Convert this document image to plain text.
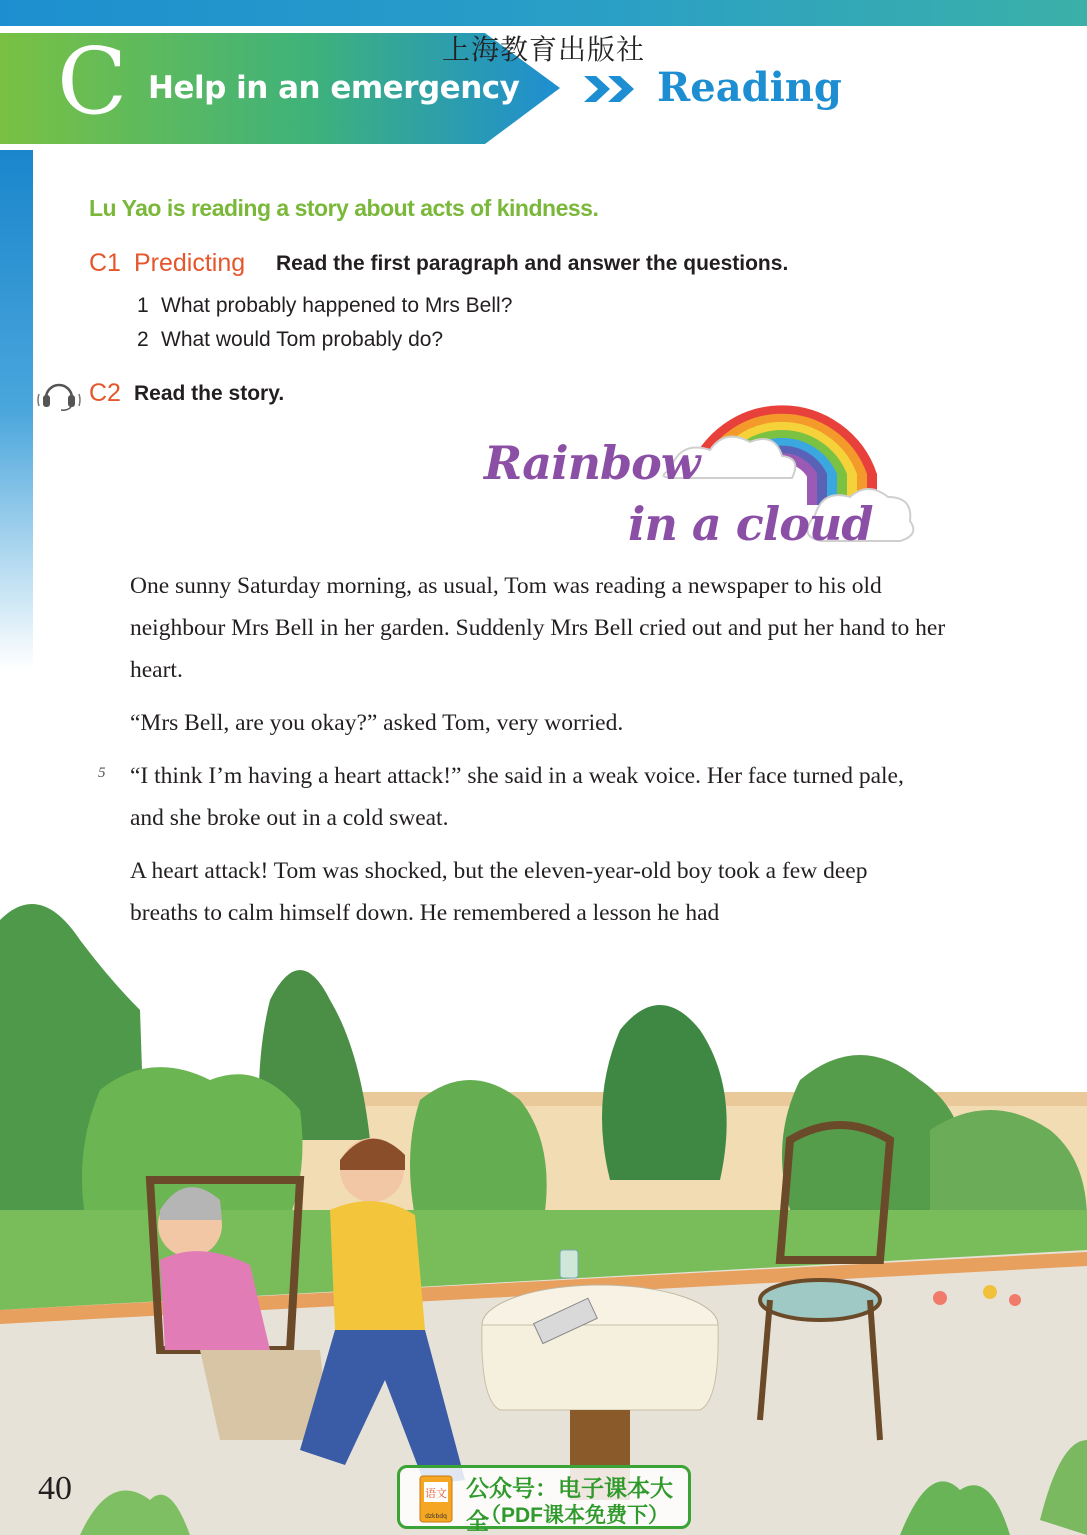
上海教育出版社
C Help in an emergency	Reading
Lu Yao is reading a story about acts of kindness.
C1 Predicting Read the first paragraph and answer the questions.
1 What probably happened to Mrs Bell?
2 What would Tom probably do?
C2 Read the story.
Rainbow
in a cloud
One sunny Saturday morning, as usual, Tom was reading a newspaper to his old neighbour Mrs Bell in her garden. Suddenly Mrs Bell cried out and put her hand to her heart.
“Mrs Bell, are you okay?” asked Tom, very worried.
5 “I think I’m having a heart attack!” she said in a weak voice. Her face turned pale, and she broke out in a cold sweat.
A heart attack! Tom was shocked, but the eleven-year-old boy took a few deep breaths to calm himself down. He remembered a lesson he had
40	语文
dzkbdq
公众号：电子课本大全
（PDF课本免费下）
